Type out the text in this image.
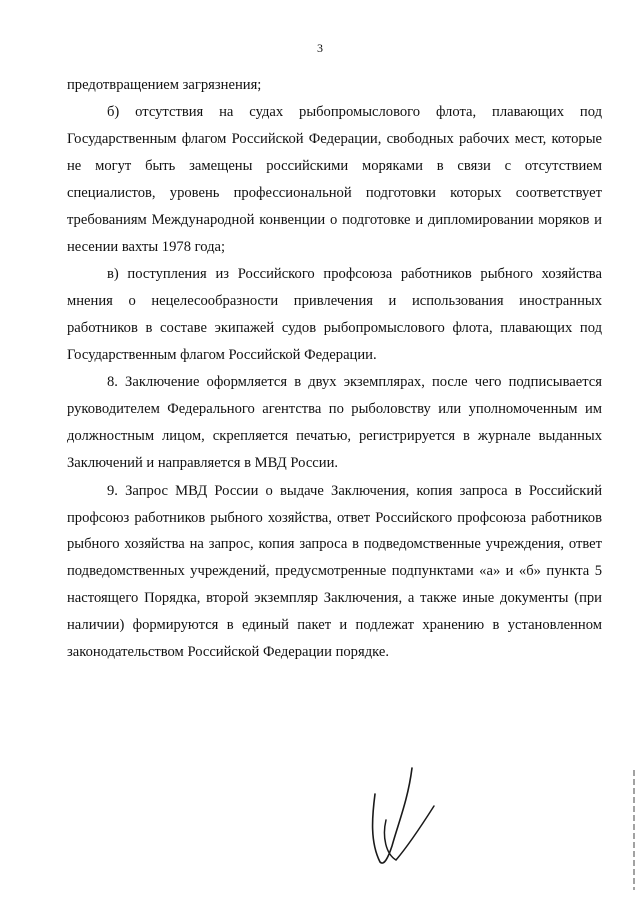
3

предотвращением загрязнения;

б) отсутствия на судах рыбопромыслового флота, плавающих под Государственным флагом Российской Федерации, свободных рабочих мест, которые не могут быть замещены российскими моряками в связи с отсутствием специалистов, уровень профессиональной подготовки которых соответствует требованиям Международной конвенции о подготовке и дипломировании моряков и несении вахты 1978 года;

в) поступления из Российского профсоюза работников рыбного хозяйства мнения о нецелесообразности привлечения и использования иностранных работников в составе экипажей судов рыбопромыслового флота, плавающих под Государственным флагом Российской Федерации.

8. Заключение оформляется в двух экземплярах, после чего подписывается руководителем Федерального агентства по рыболовству или уполномоченным им должностным лицом, скрепляется печатью, регистрируется в журнале выданных Заключений и направляется в МВД России.

9. Запрос МВД России о выдаче Заключения, копия запроса в Российский профсоюз работников рыбного хозяйства, ответ Российского профсоюза работников рыбного хозяйства на запрос, копия запроса в подведомственные учреждения, ответ подведомственных учреждений, предусмотренные подпунктами «а» и «б» пункта 5 настоящего Порядка, второй экземпляр Заключения, а также иные документы (при наличии) формируются в единый пакет и подлежат хранению в установленном законодательством Российской Федерации порядке.
